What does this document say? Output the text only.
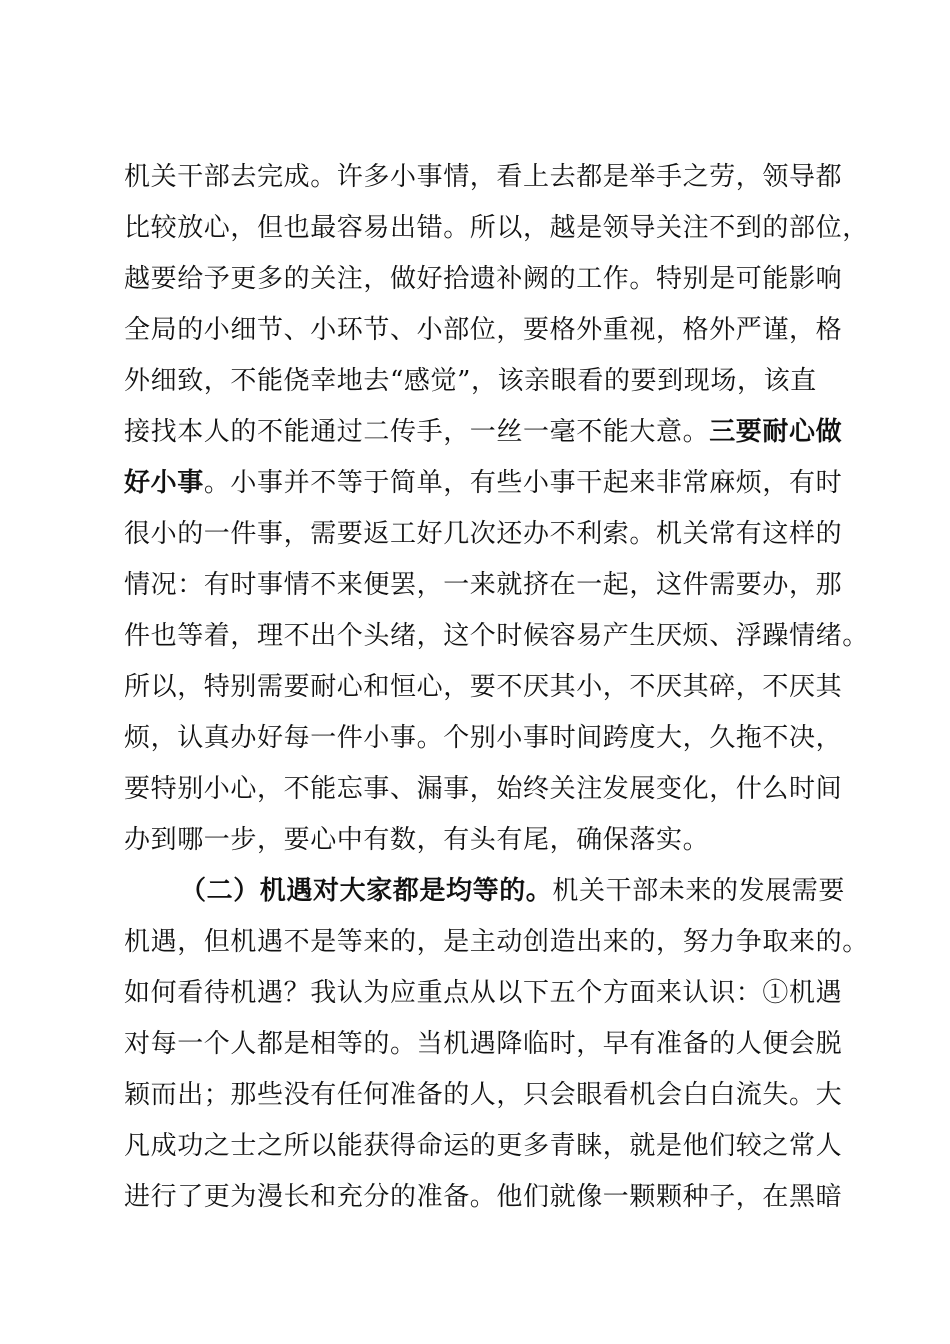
机关干部去完成。许多小事情，看上去都是举手之劳，领导都
比较放心，但也最容易出错。所以，越是领导关注不到的部位，
越要给予更多的关注，做好拾遗补阙的工作。特别是可能影响
全局的小细节、小环节、小部位，要格外重视，格外严谨，格
外细致，不能侥幸地去“感觉”，该亲眼看的要到现场，该直
接找本人的不能通过二传手，一丝一毫不能大意。三要耐心做
好小事。小事并不等于简单，有些小事干起来非常麻烦，有时
很小的一件事，需要返工好几次还办不利索。机关常有这样的
情况：有时事情不来便罢，一来就挤在一起，这件需要办，那
件也等着，理不出个头绪，这个时候容易产生厌烦、浮躁情绪。
所以，特别需要耐心和恒心，要不厌其小，不厌其碎，不厌其
烦，认真办好每一件小事。个别小事时间跨度大，久拖不决，
要特别小心，不能忘事、漏事，始终关注发展变化，什么时间
办到哪一步，要心中有数，有头有尾，确保落实。
（二）机遇对大家都是均等的。机关干部未来的发展需要
机遇，但机遇不是等来的，是主动创造出来的，努力争取来的。
如何看待机遇？我认为应重点从以下五个方面来认识：①机遇
对每一个人都是相等的。当机遇降临时，早有准备的人便会脱
颖而出；那些没有任何准备的人，只会眼看机会白白流失。大
凡成功之士之所以能获得命运的更多青睐，就是他们较之常人
进行了更为漫长和充分的准备。他们就像一颗颗种子，在黑暗
